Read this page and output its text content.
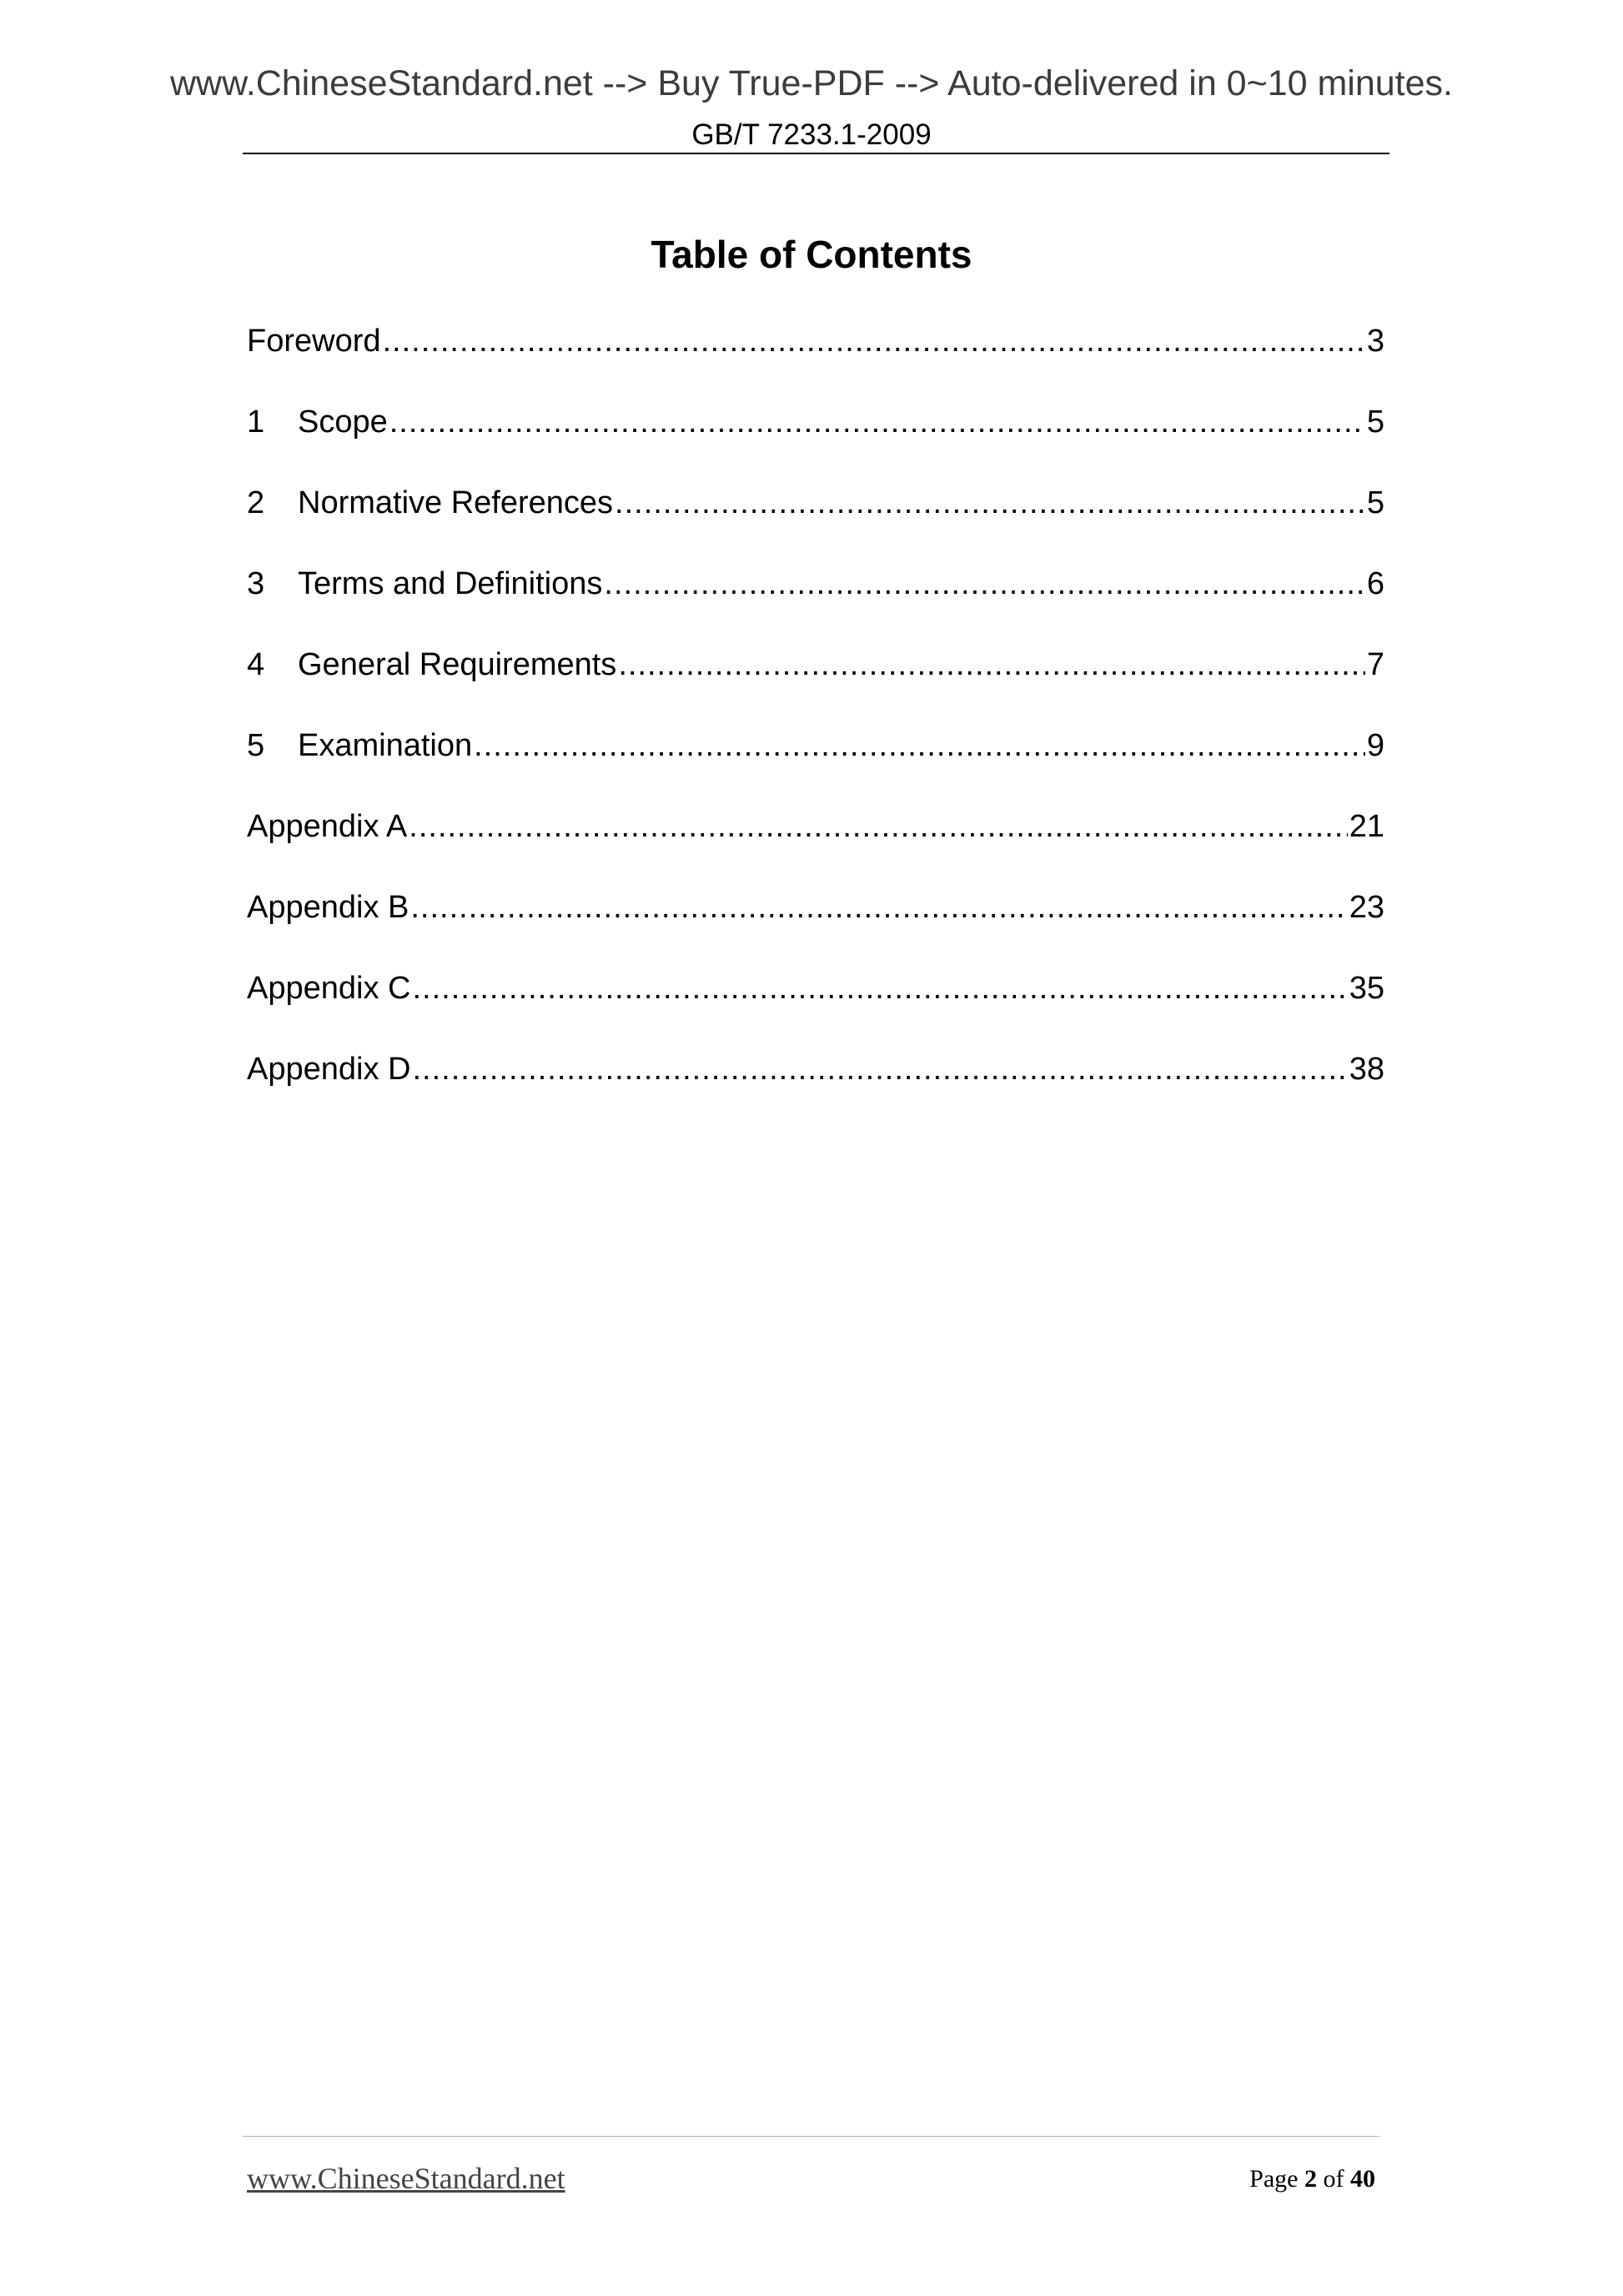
www.ChineseStandard.net --> Buy True-PDF --> Auto-delivered in 0~10 minutes.
GB/T 7233.1-2009
Table of Contents
Foreword .....	3
1	Scope .....	5
2	Normative References .....	5
3	Terms and Definitions .....	6
4	General Requirements .....	7
5	Examination .....	9
Appendix A .....	21
Appendix B .....	23
Appendix C .....	35
Appendix D .....	38
www.ChineseStandard.net	Page 2 of 40
